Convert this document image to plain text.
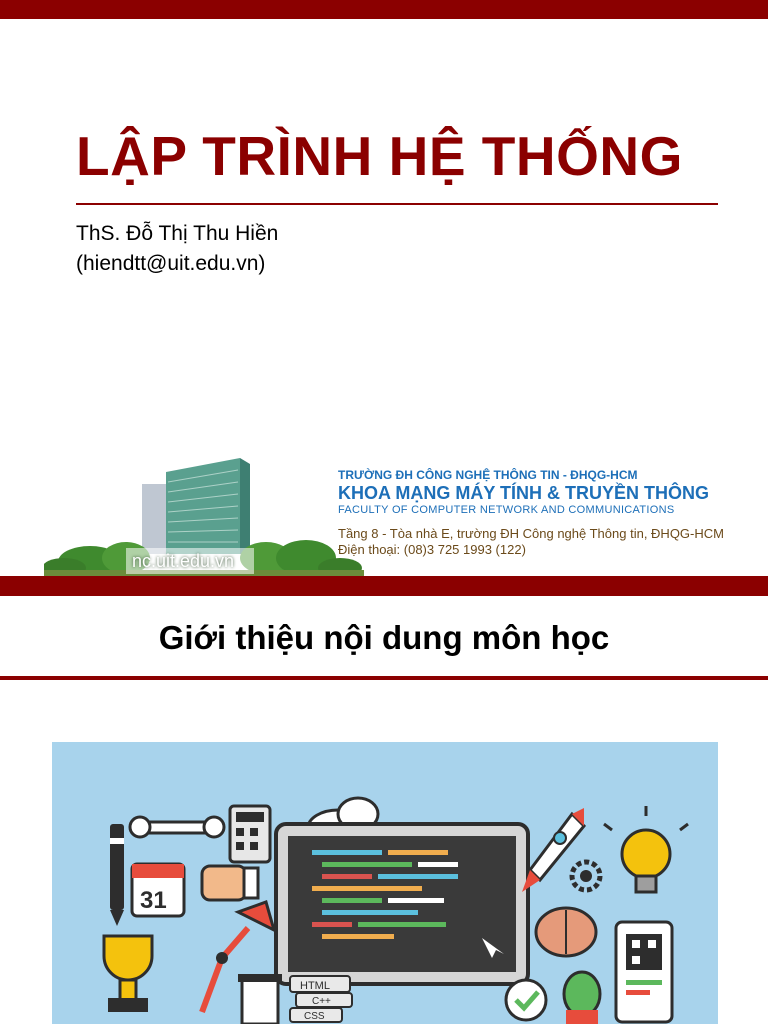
LẬP TRÌNH HỆ THỐNG
ThS. Đỗ Thị Thu Hiền
(hiendtt@uit.edu.vn)
nc.uit.edu.vn
TRƯỜNG ĐH CÔNG NGHỆ THÔNG TIN - ĐHQG-HCM
KHOA MẠNG MÁY TÍNH & TRUYỀN THÔNG
FACULTY OF COMPUTER NETWORK AND COMMUNICATIONS
Tầng 8 - Tòa nhà E, trường ĐH Công nghệ Thông tin, ĐHQG-HCM
Điện thoại: (08)3 725 1993 (122)
Giới thiệu nội dung môn học
31
HTML
C++
CSS
